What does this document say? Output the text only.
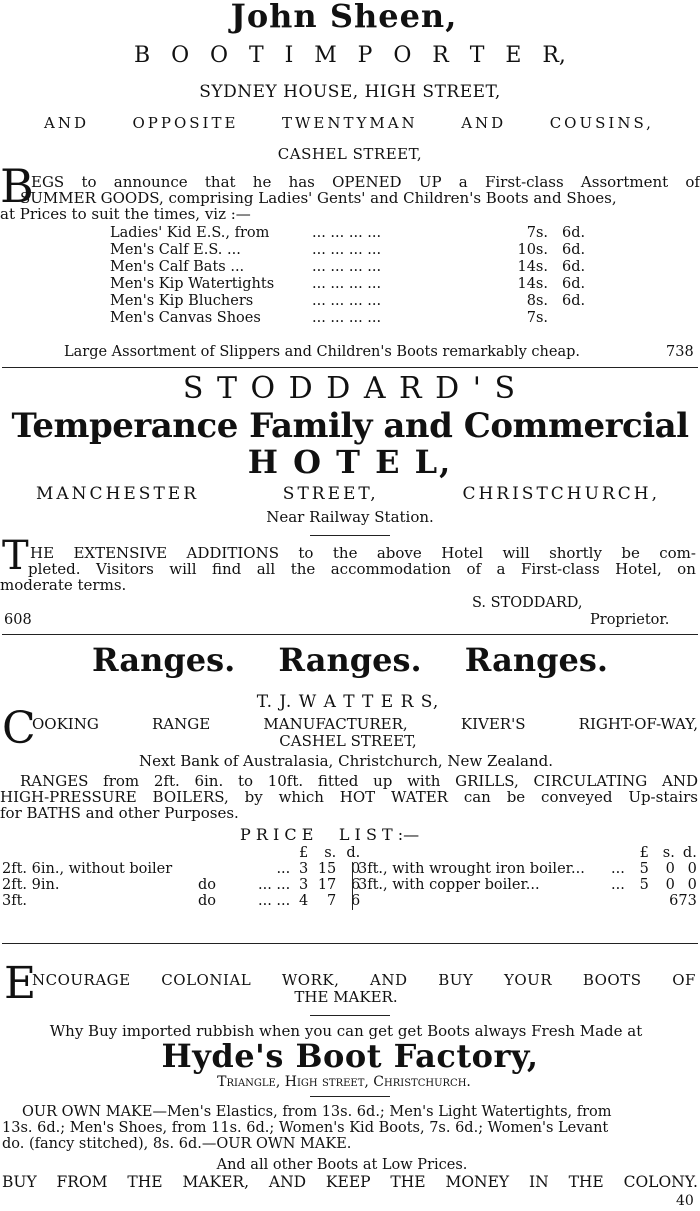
John Sheen,
B O O T I M P O R T E R,
SYDNEY HOUSE, HIGH STREET,
AND	OPPOSITE	TWENTYMAN	AND	COUSINS,
CASHEL STREET,
B
EGS to announce that he has OPENED UP a First-class Assortment of
SUMMER GOODS, comprising Ladies' Gents' and Children's Boots and Shoes,
at Prices to suit the times, viz :—
Ladies' Kid E.S., from	... ... ... ...	7s. 6d.
Men's Calf E.S. ...	... ... ... ...	10s. 6d.
Men's Calf Bats ...	... ... ... ...	14s. 6d.
Men's Kip Watertights	... ... ... ...	14s. 6d.
Men's Kip Bluchers	... ... ... ...	8s. 6d.
Men's Canvas Shoes	... ... ... ...	7s.
Large Assortment of Slippers and Children's Boots remarkably cheap.	738
S T O D D A R D ' S
Temperance Family and Commercial
H O T E L,
MANCHESTER	STREET,	CHRISTCHURCH,
Near Railway Station.
T HE EXTENSIVE ADDITIONS to the above Hotel will shortly be com-
pleted. Visitors will find all the accommodation of a First-class Hotel, on
moderate terms.
S. STODDARD,
608	Proprietor.
Ranges. Ranges. Ranges.
T. J. W A T T E R S,
C
OOKING	RANGE	MANUFACTURER,	KIVER'S	RIGHT-OF-WAY,
CASHEL STREET,
Next Bank of Australasia, Christchurch, New Zealand.
RANGES from 2ft. 6in. to 10ft. fitted up with GRILLS, CIRCULATING AND
HIGH-PRESSURE BOILERS, by which HOT WATER can be conveyed Up-stairs
for BATHS and other Purposes.
P R I C E     L I S T :—
			£	s.	d.
2ft. 6in., without boiler		...	3	15	0
2ft. 9in.	do	... ...	3	17	6
3ft.	do	... ...	4	7	6
		£	s.	d.
3ft., with wrought iron boiler...	...	5	0	0
3ft., with copper boiler...	...	5	0	0
673				
E
NCOURAGE COLONIAL WORK, AND BUY YOUR BOOTS OF
THE MAKER.
Why Buy imported rubbish when you can get get Boots always Fresh Made at
Hyde's Boot Factory,
Triangle, High street, Christchurch.
OUR OWN MAKE—Men's Elastics, from 13s. 6d.; Men's Light Watertights, from
13s. 6d.; Men's Shoes, from 11s. 6d.; Women's Kid Boots, 7s. 6d.; Women's Levant
do. (fancy stitched), 8s. 6d.—OUR OWN MAKE.
And all other Boots at Low Prices.
BUY FROM THE MAKER, AND KEEP THE MONEY IN THE COLONY.
40
